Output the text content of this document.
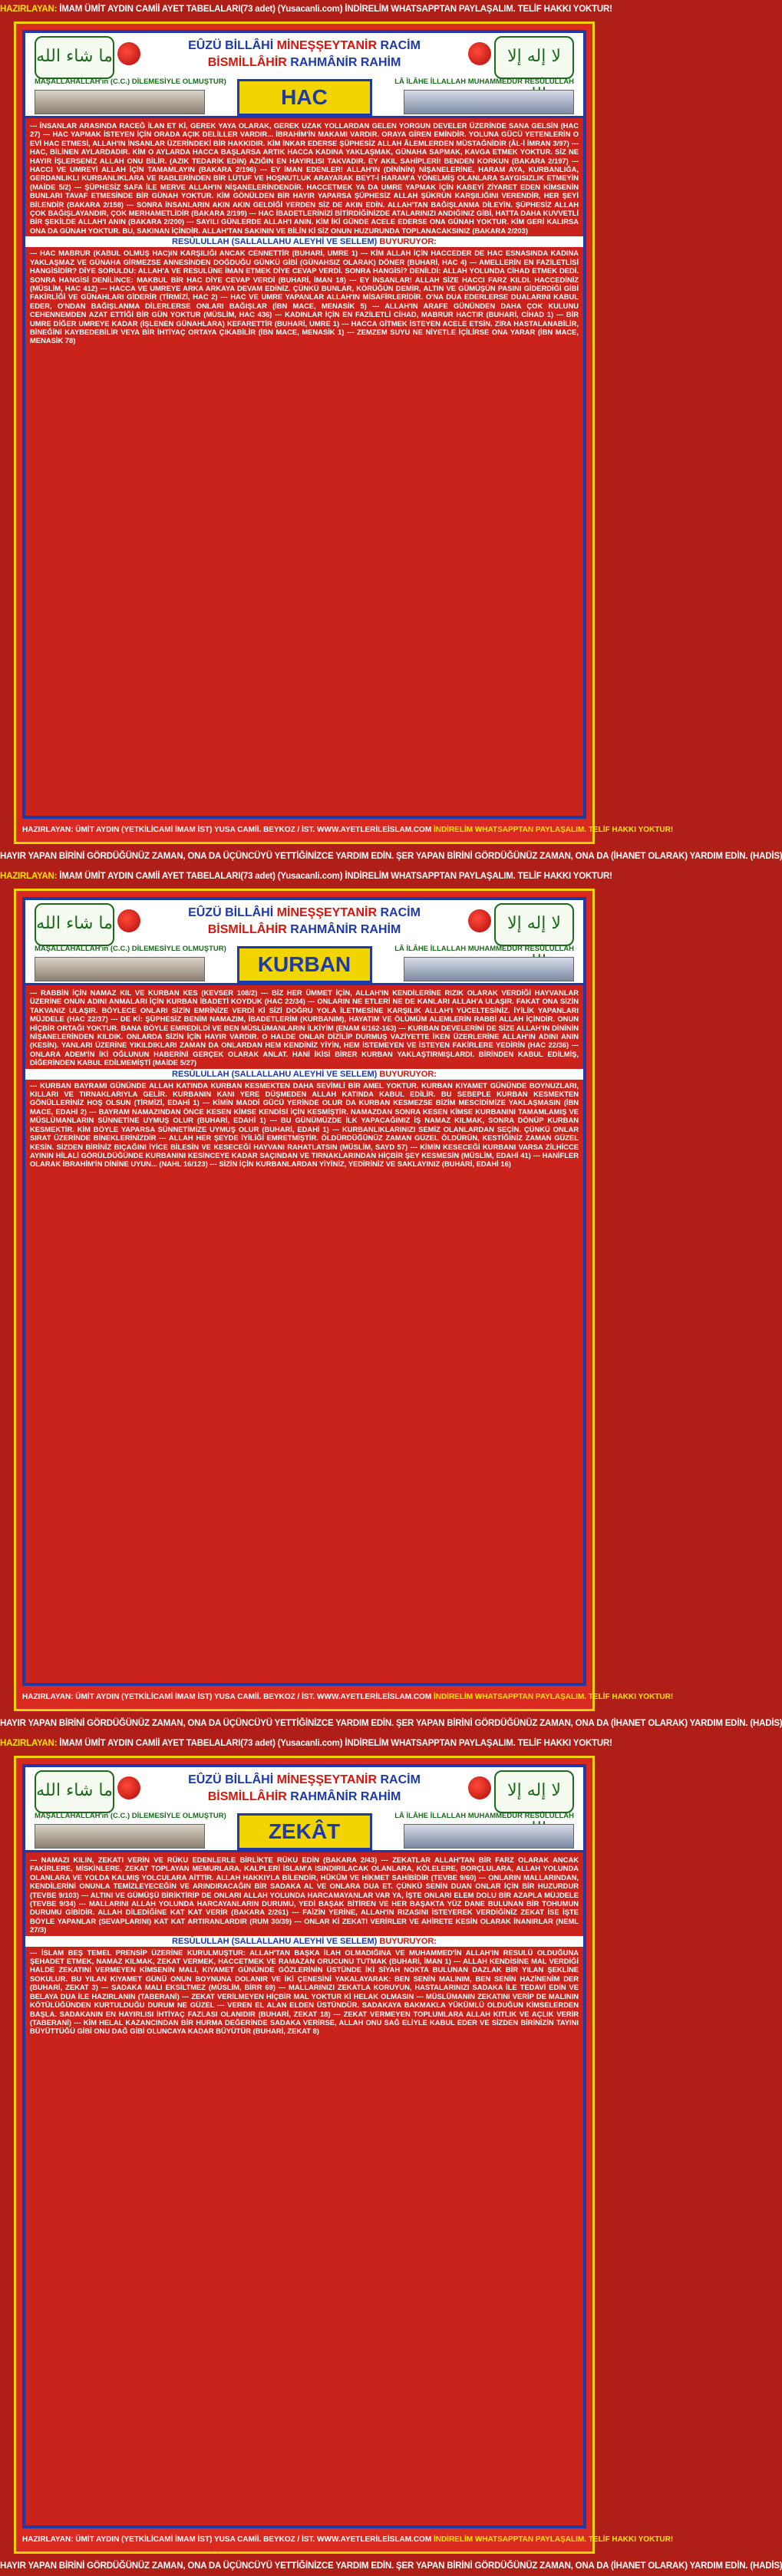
HAZIRLAYAN: İMAM ÜMİT AYDIN CAMİİ AYET TABELALARI(73 adet) (Yusacanli.com) İNDİRELİM WHATSAPPTAN PAYLAŞALIM. TELİF HAKKI YOKTUR!
ما شاء الله	لا إله إلا
EÛZÜ BİLLÂHİ MİNEŞŞEYTANİR RACİM
BİSMİLLÂHİR RAHMÂNİR RAHİM
MAŞALLAHALLAH'ın (C.C.) DİLEMESİYLE OLMUŞTUR)	LÂ İLÂHE İLLALLAH MUHAMMEDÜR RESÛLULLAH
HAC

--- İNSANLAR ARASINDA RACEĞ İLAN ET Kİ, GEREK YAYA OLARAK, GEREK UZAK YOLLARDAN GELEN YORGUN DEVELER ÜZERİNDE SANA GELSİN (HAC 27) --- HAC YAPMAK İSTEYEN İÇİN ORADA AÇIK DELİLLER VARDIR... İBRAHİM'İN MAKAMI VARDIR. ORAYA GİREN EMİNDİR. YOLUNA GÜCÜ YETENLERİN O EVİ HAC ETMESİ, ALLAH'IN İNSANLAR ÜZERİNDEKİ BİR HAKKIDIR. KİM İNKAR EDERSE ŞÜPHESİZ ALLAH ÂLEMLERDEN MÜSTAĞNİDİR (ÂL-İ İMRAN 3/97) --- HAC, BİLİNEN AYLARDADIR. KİM O AYLARDA HACCA BAŞLARSA ARTIK HACCA KADINA YAKLAŞMAK, GÜNAHA SAPMAK, KAVGA ETMEK YOKTUR. SİZ NE HAYIR İŞLERSENİZ ALLAH ONU BİLİR. (AZIK TEDARİK EDİN) AZIĞIN EN HAYIRLISI TAKVADIR. EY AKIL SAHİPLERİ! BENDEN KORKUN (BAKARA 2/197) --- HACCI VE UMREYİ ALLAH İÇİN TAMAMLAYIN (BAKARA 2/196) --- EY İMAN EDENLER! ALLAH'IN (DİNİNİN) NİŞANELERİNE, HARAM AYA, KURBANLIĞA, GERDANLIKLI KURBANLIKLARA VE RABLERİNDEN BİR LÜTUF VE HOŞNUTLUK ARAYARAK BEYT-İ HARAM'A YÖNELMİŞ OLANLARA SAYGISIZLIK ETMEYİN (MAİDE 5/2) --- ŞÜPHESİZ SAFA İLE MERVE ALLAH'IN NİŞANELERİNDENDİR. HACCETMEK YA DA UMRE YAPMAK İÇİN KABEYİ ZİYARET EDEN KİMSENİN BUNLARI TAVAF ETMESİNDE BİR GÜNAH YOKTUR. KİM GÖNÜLDEN BİR HAYIR YAPARSA ŞÜPHESİZ ALLAH ŞÜKRÜN KARŞILIĞINI VERENDİR, HER ŞEYİ BİLENDİR (BAKARA 2/158) --- SONRA İNSANLARIN AKIN AKIN GELDİĞİ YERDEN SİZ DE AKIN EDİN. ALLAH'TAN BAĞIŞLANMA DİLEYİN. ŞÜPHESİZ ALLAH ÇOK BAĞIŞLAYANDIR, ÇOK MERHAMETLİDİR (BAKARA 2/199) --- HAC İBADETLERİNİZİ BİTİRDİĞİNİZDE ATALARINIZI ANDIĞINIZ GİBİ, HATTA DAHA KUVVETLİ BİR ŞEKİLDE ALLAH'I ANIN (BAKARA 2/200) --- SAYILI GÜNLERDE ALLAH'I ANIN. KİM İKİ GÜNDE ACELE EDERSE ONA GÜNAH YOKTUR. KİM GERİ KALIRSA ONA DA GÜNAH YOKTUR. BU, SAKINAN İÇİNDİR. ALLAH'TAN SAKININ VE BİLİN Kİ SİZ ONUN HUZURUNDA TOPLANACAKSINIZ (BAKARA 2/203)

RESÛLULLAH (SALLALLAHU ALEYHİ VE SELLEM) BUYURUYOR:

--- HAC MABRUR (KABUL OLMUŞ HAC)IN KARŞILIĞI ANCAK CENNETTİR (BUHARİ, UMRE 1) --- KİM ALLAH İÇİN HACCEDER DE HAC ESNASINDA KADINA YAKLAŞMAZ VE GÜNAHA GİRMEZSE ANNESİNDEN DOĞDUĞU GÜNKÜ GİBİ (GÜNAHSIZ OLARAK) DÖNER (BUHARİ, HAC 4) --- AMELLERİN EN FAZİLETLİSİ HANGİSİDİR? DİYE SORULDU: ALLAH'A VE RESULÜNE İMAN ETMEK DİYE CEVAP VERDİ. SONRA HANGİSİ? DENİLDİ: ALLAH YOLUNDA CİHAD ETMEK DEDİ. SONRA HANGİSİ DENİLİNCE: MAKBUL BİR HAC DİYE CEVAP VERDİ (BUHARİ, İMAN 18) --- EY İNSANLAR! ALLAH SİZE HACCI FARZ KILDI. HACCEDİNİZ (MÜSLİM, HAC 412) --- HACCA VE UMREYE ARKA ARKAYA DEVAM EDİNİZ. ÇÜNKÜ BUNLAR, KÖRÜĞÜN DEMİR, ALTIN VE GÜMÜŞÜN PASINI GİDERDİĞİ GİBİ FAKİRLİĞİ VE GÜNAHLARI GİDERİR (TİRMİZİ, HAC 2) --- HAC VE UMRE YAPANLAR ALLAH'IN MİSAFİRLERİDİR. O'NA DUA EDERLERSE DUALARINI KABUL EDER, O'NDAN BAĞIŞLANMA DİLERLERSE ONLARI BAĞIŞLAR (İBN MACE, MENASİK 5) --- ALLAH'IN ARAFE GÜNÜNDEN DAHA ÇOK KULUNU CEHENNEMDEN AZAT ETTİĞİ BİR GÜN YOKTUR (MÜSLİM, HAC 436) --- KADINLAR İÇİN EN FAZİLETLİ CİHAD, MABRUR HACTIR (BUHARİ, CİHAD 1) --- BİR UMRE DİĞER UMREYE KADAR (İŞLENEN GÜNAHLARA) KEFARETTİR (BUHARİ, UMRE 1) --- HACCA GİTMEK İSTEYEN ACELE ETSİN. ZİRA HASTALANABİLİR, BİNEĞİNİ KAYBEDEBİLİR VEYA BİR İHTİYAÇ ORTAYA ÇIKABİLİR (İBN MACE, MENASİK 1) --- ZEMZEM SUYU NE NİYETLE İÇİLİRSE ONA YARAR (İBN MACE, MENASİK 78)

HAZIRLAYAN: ÜMİT AYDIN (YETKİLİCAMİ İMAM İST) YUSA CAMİİ. BEYKOZ / İST. WWW.AYETLERİLEİSLAM.COM İNDİRELİM WHATSAPPTAN PAYLAŞALIM. TELİF HAKKI YOKTUR!
HAYIR YAPAN BİRİNİ GÖRDÜĞÜNÜZ ZAMAN, ONA DA ÜÇÜNCÜYÜ YETTİĞİNİZCE YARDIM EDİN. ŞER YAPAN BİRİNİ GÖRDÜĞÜNÜZ ZAMAN, ONA DA (İHANET OLARAK) YARDIM EDİN. (HADİS)
HAZIRLAYAN: İMAM ÜMİT AYDIN CAMİİ AYET TABELALARI(73 adet) (Yusacanli.com) İNDİRELİM WHATSAPPTAN PAYLAŞALIM. TELİF HAKKI YOKTUR!
ما شاء الله	لا إله إلا
EÛZÜ BİLLÂHİ MİNEŞŞEYTANİR RACİM
BİSMİLLÂHİR RAHMÂNİR RAHİM
MAŞALLAHALLAH'ın (C.C.) DİLEMESİYLE OLMUŞTUR)	LÂ İLÂHE İLLALLAH MUHAMMEDÜR RESÛLULLAH
KURBAN

--- RABBİN İÇİN NAMAZ KIL VE KURBAN KES (KEVSER 108/2) --- BİZ HER ÜMMET İÇİN, ALLAH'IN KENDİLERİNE RIZIK OLARAK VERDİĞİ HAYVANLAR ÜZERİNE ONUN ADINI ANMALARI İÇİN KURBAN İBADETİ KOYDUK (HAC 22/34) --- ONLARIN NE ETLERİ NE DE KANLARI ALLAH'A ULAŞIR. FAKAT ONA SİZİN TAKVANIZ ULAŞIR. BÖYLECE ONLARI SİZİN EMRİNİZE VERDİ Kİ SİZİ DOĞRU YOLA İLETMESİNE KARŞILIK ALLAH'I YÜCELTESİNİZ. İYİLİK YAPANLARI MÜJDELE (HAC 22/37) --- DE Kİ: ŞÜPHESİZ BENİM NAMAZIM, İBADETLERİM (KURBANIM), HAYATIM VE ÖLÜMÜM ALEMLERİN RABBİ ALLAH İÇİNDİR. ONUN HİÇBİR ORTAĞI YOKTUR. BANA BÖYLE EMREDİLDİ VE BEN MÜSLÜMANLARIN İLKİYİM (ENAM 6/162-163) --- KURBAN DEVELERİNİ DE SİZE ALLAH'IN DİNİNİN NİŞANELERİNDEN KILDIK. ONLARDA SİZİN İÇİN HAYIR VARDIR. O HALDE ONLAR DİZİLİP DURMUŞ VAZİYETTE İKEN ÜZERLERİNE ALLAH'IN ADINI ANIN (KESİN). YANLARI ÜZERİNE YIKILDIKLARI ZAMAN DA ONLARDAN HEM KENDİNİZ YİYİN, HEM İSTEMEYEN VE İSTEYEN FAKİRLERE YEDİRİN (HAC 22/36) --- ONLARA ADEM'İN İKİ OĞLUNUN HABERİNİ GERÇEK OLARAK ANLAT. HANİ İKİSİ BİRER KURBAN YAKLAŞTIRMIŞLARDI. BİRİNDEN KABUL EDİLMİŞ, DİĞERİNDEN KABUL EDİLMEMİŞTİ (MAİDE 5/27)

RESÛLULLAH (SALLALLAHU ALEYHİ VE SELLEM) BUYURUYOR:

--- KURBAN BAYRAMI GÜNÜNDE ALLAH KATINDA KURBAN KESMEKTEN DAHA SEVİMLİ BİR AMEL YOKTUR. KURBAN KIYAMET GÜNÜNDE BOYNUZLARI, KILLARI VE TIRNAKLARIYLA GELİR. KURBANIN KANI YERE DÜŞMEDEN ALLAH KATINDA KABUL EDİLİR. BU SEBEPLE KURBAN KESMEKTEN GÖNÜLLERİNİZ HOŞ OLSUN (TİRMİZİ, EDAHİ 1) --- KİMİN MADDİ GÜCÜ YERİNDE OLUR DA KURBAN KESMEZSE BİZİM MESCİDİMİZE YAKLAŞMASIN (İBN MACE, EDAHİ 2) --- BAYRAM NAMAZINDAN ÖNCE KESEN KİMSE KENDİSİ İÇİN KESMİŞTİR. NAMAZDAN SONRA KESEN KİMSE KURBANINI TAMAMLAMIŞ VE MÜSLÜMANLARIN SÜNNETİNE UYMUŞ OLUR (BUHARİ, EDAHİ 1) --- BU GÜNÜMÜZDE İLK YAPACAĞIMIZ İŞ NAMAZ KILMAK, SONRA DÖNÜP KURBAN KESMEKTİR. KİM BÖYLE YAPARSA SÜNNETİMİZE UYMUŞ OLUR (BUHARİ, EDAHİ 1) --- KURBANLIKLARINIZI SEMİZ OLANLARDAN SEÇİN. ÇÜNKÜ ONLAR SIRAT ÜZERİNDE BİNEKLERİNİZDİR --- ALLAH HER ŞEYDE İYİLİĞİ EMRETMİŞTİR. ÖLDÜRDÜĞÜNÜZ ZAMAN GÜZEL ÖLDÜRÜN, KESTİĞİNİZ ZAMAN GÜZEL KESİN. SİZDEN BİRİNİZ BIÇAĞINI İYİCE BİLESİN VE KESECEĞİ HAYVANI RAHATLATSIN (MÜSLİM, SAYD 57) --- KİMİN KESECEĞİ KURBANI VARSA ZİLHİCCE AYININ HİLALİ GÖRÜLDÜĞÜNDE KURBANINI KESİNCEYE KADAR SAÇINDAN VE TIRNAKLARINDAN HİÇBİR ŞEY KESMESİN (MÜSLİM, EDAHİ 41) --- HANİFLER OLARAK İBRAHİM'İN DİNİNE UYUN... (NAHL 16/123) --- SİZİN İÇİN KURBANLARDAN YİYİNİZ, YEDİRİNİZ VE SAKLAYINIZ (BUHARİ, EDAHİ 16)

HAZIRLAYAN: ÜMİT AYDIN (YETKİLİCAMİ İMAM İST) YUSA CAMİİ. BEYKOZ / İST. WWW.AYETLERİLEİSLAM.COM İNDİRELİM WHATSAPPTAN PAYLAŞALIM. TELİF HAKKI YOKTUR!
HAYIR YAPAN BİRİNİ GÖRDÜĞÜNÜZ ZAMAN, ONA DA ÜÇÜNCÜYÜ YETTİĞİNİZCE YARDIM EDİN. ŞER YAPAN BİRİNİ GÖRDÜĞÜNÜZ ZAMAN, ONA DA (İHANET OLARAK) YARDIM EDİN. (HADİS)
HAZIRLAYAN: İMAM ÜMİT AYDIN CAMİİ AYET TABELALARI(73 adet) (Yusacanli.com) İNDİRELİM WHATSAPPTAN PAYLAŞALIM. TELİF HAKKI YOKTUR!
ما شاء الله	لا إله إلا
EÛZÜ BİLLÂHİ MİNEŞŞEYTANİR RACİM
BİSMİLLÂHİR RAHMÂNİR RAHİM
MAŞALLAHALLAH'ın (C.C.) DİLEMESİYLE OLMUŞTUR)	LÂ İLÂHE İLLALLAH MUHAMMEDÜR RESÛLULLAH
ZEKÂT

--- NAMAZI KILIN, ZEKATI VERİN VE RÜKU EDENLERLE BİRLİKTE RÜKU EDİN (BAKARA 2/43) --- ZEKATLAR ALLAH'TAN BİR FARZ OLARAK ANCAK FAKİRLERE, MİSKİNLERE, ZEKAT TOPLAYAN MEMURLARA, KALPLERİ İSLAM'A ISINDIRILACAK OLANLARA, KÖLELERE, BORÇLULARA, ALLAH YOLUNDA OLANLARA VE YOLDA KALMIŞ YOLCULARA AİTTİR. ALLAH HAKKIYLA BİLENDİR, HÜKÜM VE HİKMET SAHİBİDİR (TEVBE 9/60) --- ONLARIN MALLARINDAN, KENDİLERİNİ ONUNLA TEMİZLEYECEĞİN VE ARINDIRACAĞIN BİR SADAKA AL VE ONLARA DUA ET. ÇÜNKÜ SENİN DUAN ONLAR İÇİN BİR HUZURDUR (TEVBE 9/103) --- ALTINI VE GÜMÜŞÜ BİRİKTİRİP DE ONLARI ALLAH YOLUNDA HARCAMAYANLAR VAR YA, İŞTE ONLARI ELEM DOLU BİR AZAPLA MÜJDELE (TEVBE 9/34) --- MALLARINI ALLAH YOLUNDA HARCAYANLARIN DURUMU, YEDİ BAŞAK BİTİREN VE HER BAŞAKTA YÜZ DANE BULUNAN BİR TOHUMUN DURUMU GİBİDİR. ALLAH DİLEDİĞİNE KAT KAT VERİR (BAKARA 2/261) --- FAİZİN YERİNE, ALLAH'IN RIZASINI İSTEYEREK VERDİĞİNİZ ZEKAT İSE İŞTE BÖYLE YAPANLAR (SEVAPLARINI) KAT KAT ARTIRANLARDIR (RUM 30/39) --- ONLAR Kİ ZEKATI VERİRLER VE AHİRETE KESİN OLARAK İNANIRLAR (NEML 27/3)

RESÛLULLAH (SALLALLAHU ALEYHİ VE SELLEM) BUYURUYOR:

--- İSLAM BEŞ TEMEL PRENSİP ÜZERİNE KURULMUŞTUR: ALLAH'TAN BAŞKA İLAH OLMADIĞINA VE MUHAMMED'İN ALLAH'IN RESULÜ OLDUĞUNA ŞEHADET ETMEK, NAMAZ KILMAK, ZEKAT VERMEK, HACCETMEK VE RAMAZAN ORUCUNU TUTMAK (BUHARİ, İMAN 1) --- ALLAH KENDİSİNE MAL VERDİĞİ HALDE ZEKATINI VERMEYEN KİMSENİN MALI, KIYAMET GÜNÜNDE GÖZLERİNİN ÜSTÜNDE İKİ SİYAH NOKTA BULUNAN DAZLAK BİR YILAN ŞEKLİNE SOKULUR. BU YILAN KIYAMET GÜNÜ ONUN BOYNUNA DOLANIR VE İKİ ÇENESİNİ YAKALAYARAK: BEN SENİN MALINIM, BEN SENİN HAZİNENİM DER (BUHARİ, ZEKAT 3) --- SADAKA MALI EKSİLTMEZ (MÜSLİM, BİRR 69) --- MALLARINIZI ZEKATLA KORUYUN, HASTALARINIZI SADAKA İLE TEDAVİ EDİN VE BELAYA DUA İLE HAZIRLANIN (TABERANİ) --- ZEKAT VERİLMEYEN HİÇBİR MAL YOKTUR Kİ HELAK OLMASIN --- MÜSLÜMANIN ZEKATINI VERİP DE MALININ KÖTÜLÜĞÜNDEN KURTULDUĞU DURUM NE GÜZEL --- VEREN EL ALAN ELDEN ÜSTÜNDÜR. SADAKAYA BAKMAKLA YÜKÜMLÜ OLDUĞUN KİMSELERDEN BAŞLA. SADAKANIN EN HAYIRLISI İHTİYAÇ FAZLASI OLANIDIR (BUHARİ, ZEKAT 18) --- ZEKAT VERMEYEN TOPLUMLARA ALLAH KITLIK VE AÇLIK VERİR (TABERANİ) --- KİM HELAL KAZANCINDAN BİR HURMA DEĞERİNDE SADAKA VERİRSE, ALLAH ONU SAĞ ELİYLE KABUL EDER VE SİZDEN BİRİNİZİN TAYINI BÜYÜTTÜĞÜ GİBİ ONU DAĞ GİBİ OLUNCAYA KADAR BÜYÜTÜR (BUHARİ, ZEKAT 8)

HAZIRLAYAN: ÜMİT AYDIN (YETKİLİCAMİ İMAM İST) YUSA CAMİİ. BEYKOZ / İST. WWW.AYETLERİLEİSLAM.COM İNDİRELİM WHATSAPPTAN PAYLAŞALIM. TELİF HAKKI YOKTUR!
HAYIR YAPAN BİRİNİ GÖRDÜĞÜNÜZ ZAMAN, ONA DA ÜÇÜNCÜYÜ YETTİĞİNİZCE YARDIM EDİN. ŞER YAPAN BİRİNİ GÖRDÜĞÜNÜZ ZAMAN, ONA DA (İHANET OLARAK) YARDIM EDİN. (HADİS)
